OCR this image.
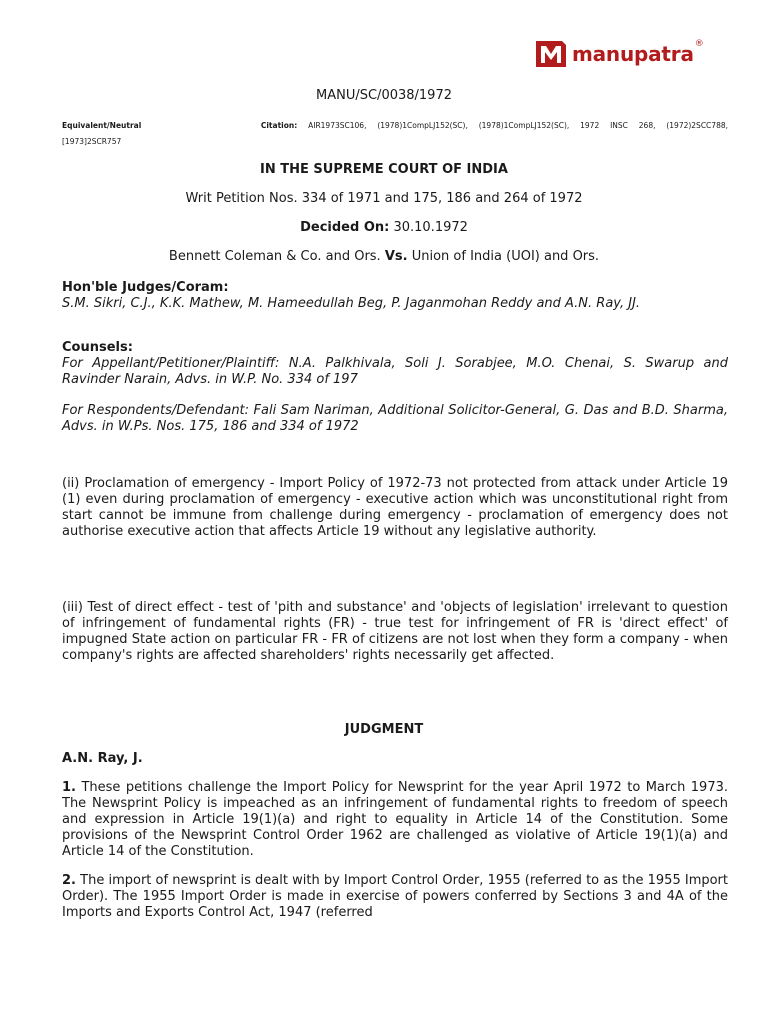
manupatra ®
MANU/SC/0038/1972
Equivalent/Neutral	Citation: AIR1973SC106, (1978)1CompLJ152(SC), (1978)1CompLJ152(SC), 1972 INSC 268, (1972)2SCC788,
[1973]2SCR757
IN THE SUPREME COURT OF INDIA
Writ Petition Nos. 334 of 1971 and 175, 186 and 264 of 1972
Decided On: 30.10.1972
Bennett Coleman & Co. and Ors. Vs. Union of India (UOI) and Ors.
Hon'ble Judges/Coram:
S.M. Sikri, C.J., K.K. Mathew, M. Hameedullah Beg, P. Jaganmohan Reddy and A.N. Ray, JJ.
Counsels:
For Appellant/Petitioner/Plaintiff: N.A. Palkhivala, Soli J. Sorabjee, M.O. Chenai, S. Swarup and Ravinder Narain, Advs. in W.P. No. 334 of 197
For Respondents/Defendant: Fali Sam Nariman, Additional Solicitor-General, G. Das and B.D. Sharma, Advs. in W.Ps. Nos. 175, 186 and 334 of 1972
(ii) Proclamation of emergency - Import Policy of 1972-73 not protected from attack under Article 19 (1) even during proclamation of emergency - executive action which was unconstitutional right from start cannot be immune from challenge during emergency - proclamation of emergency does not authorise executive action that affects Article 19 without any legislative authority.
(iii) Test of direct effect - test of 'pith and substance' and 'objects of legislation' irrelevant to question of infringement of fundamental rights (FR) - true test for infringement of FR is 'direct effect' of impugned State action on particular FR - FR of citizens are not lost when they form a company - when company's rights are affected shareholders' rights necessarily get affected.
JUDGMENT
A.N. Ray, J.
1. These petitions challenge the Import Policy for Newsprint for the year April 1972 to March 1973. The Newsprint Policy is impeached as an infringement of fundamental rights to freedom of speech and expression in Article 19(1)(a) and right to equality in Article 14 of the Constitution. Some provisions of the Newsprint Control Order 1962 are challenged as violative of Article 19(1)(a) and Article 14 of the Constitution.
2. The import of newsprint is dealt with by Import Control Order, 1955 (referred to as the 1955 Import Order). The 1955 Import Order is made in exercise of powers conferred by Sections 3 and 4A of the Imports and Exports Control Act, 1947 (referred
